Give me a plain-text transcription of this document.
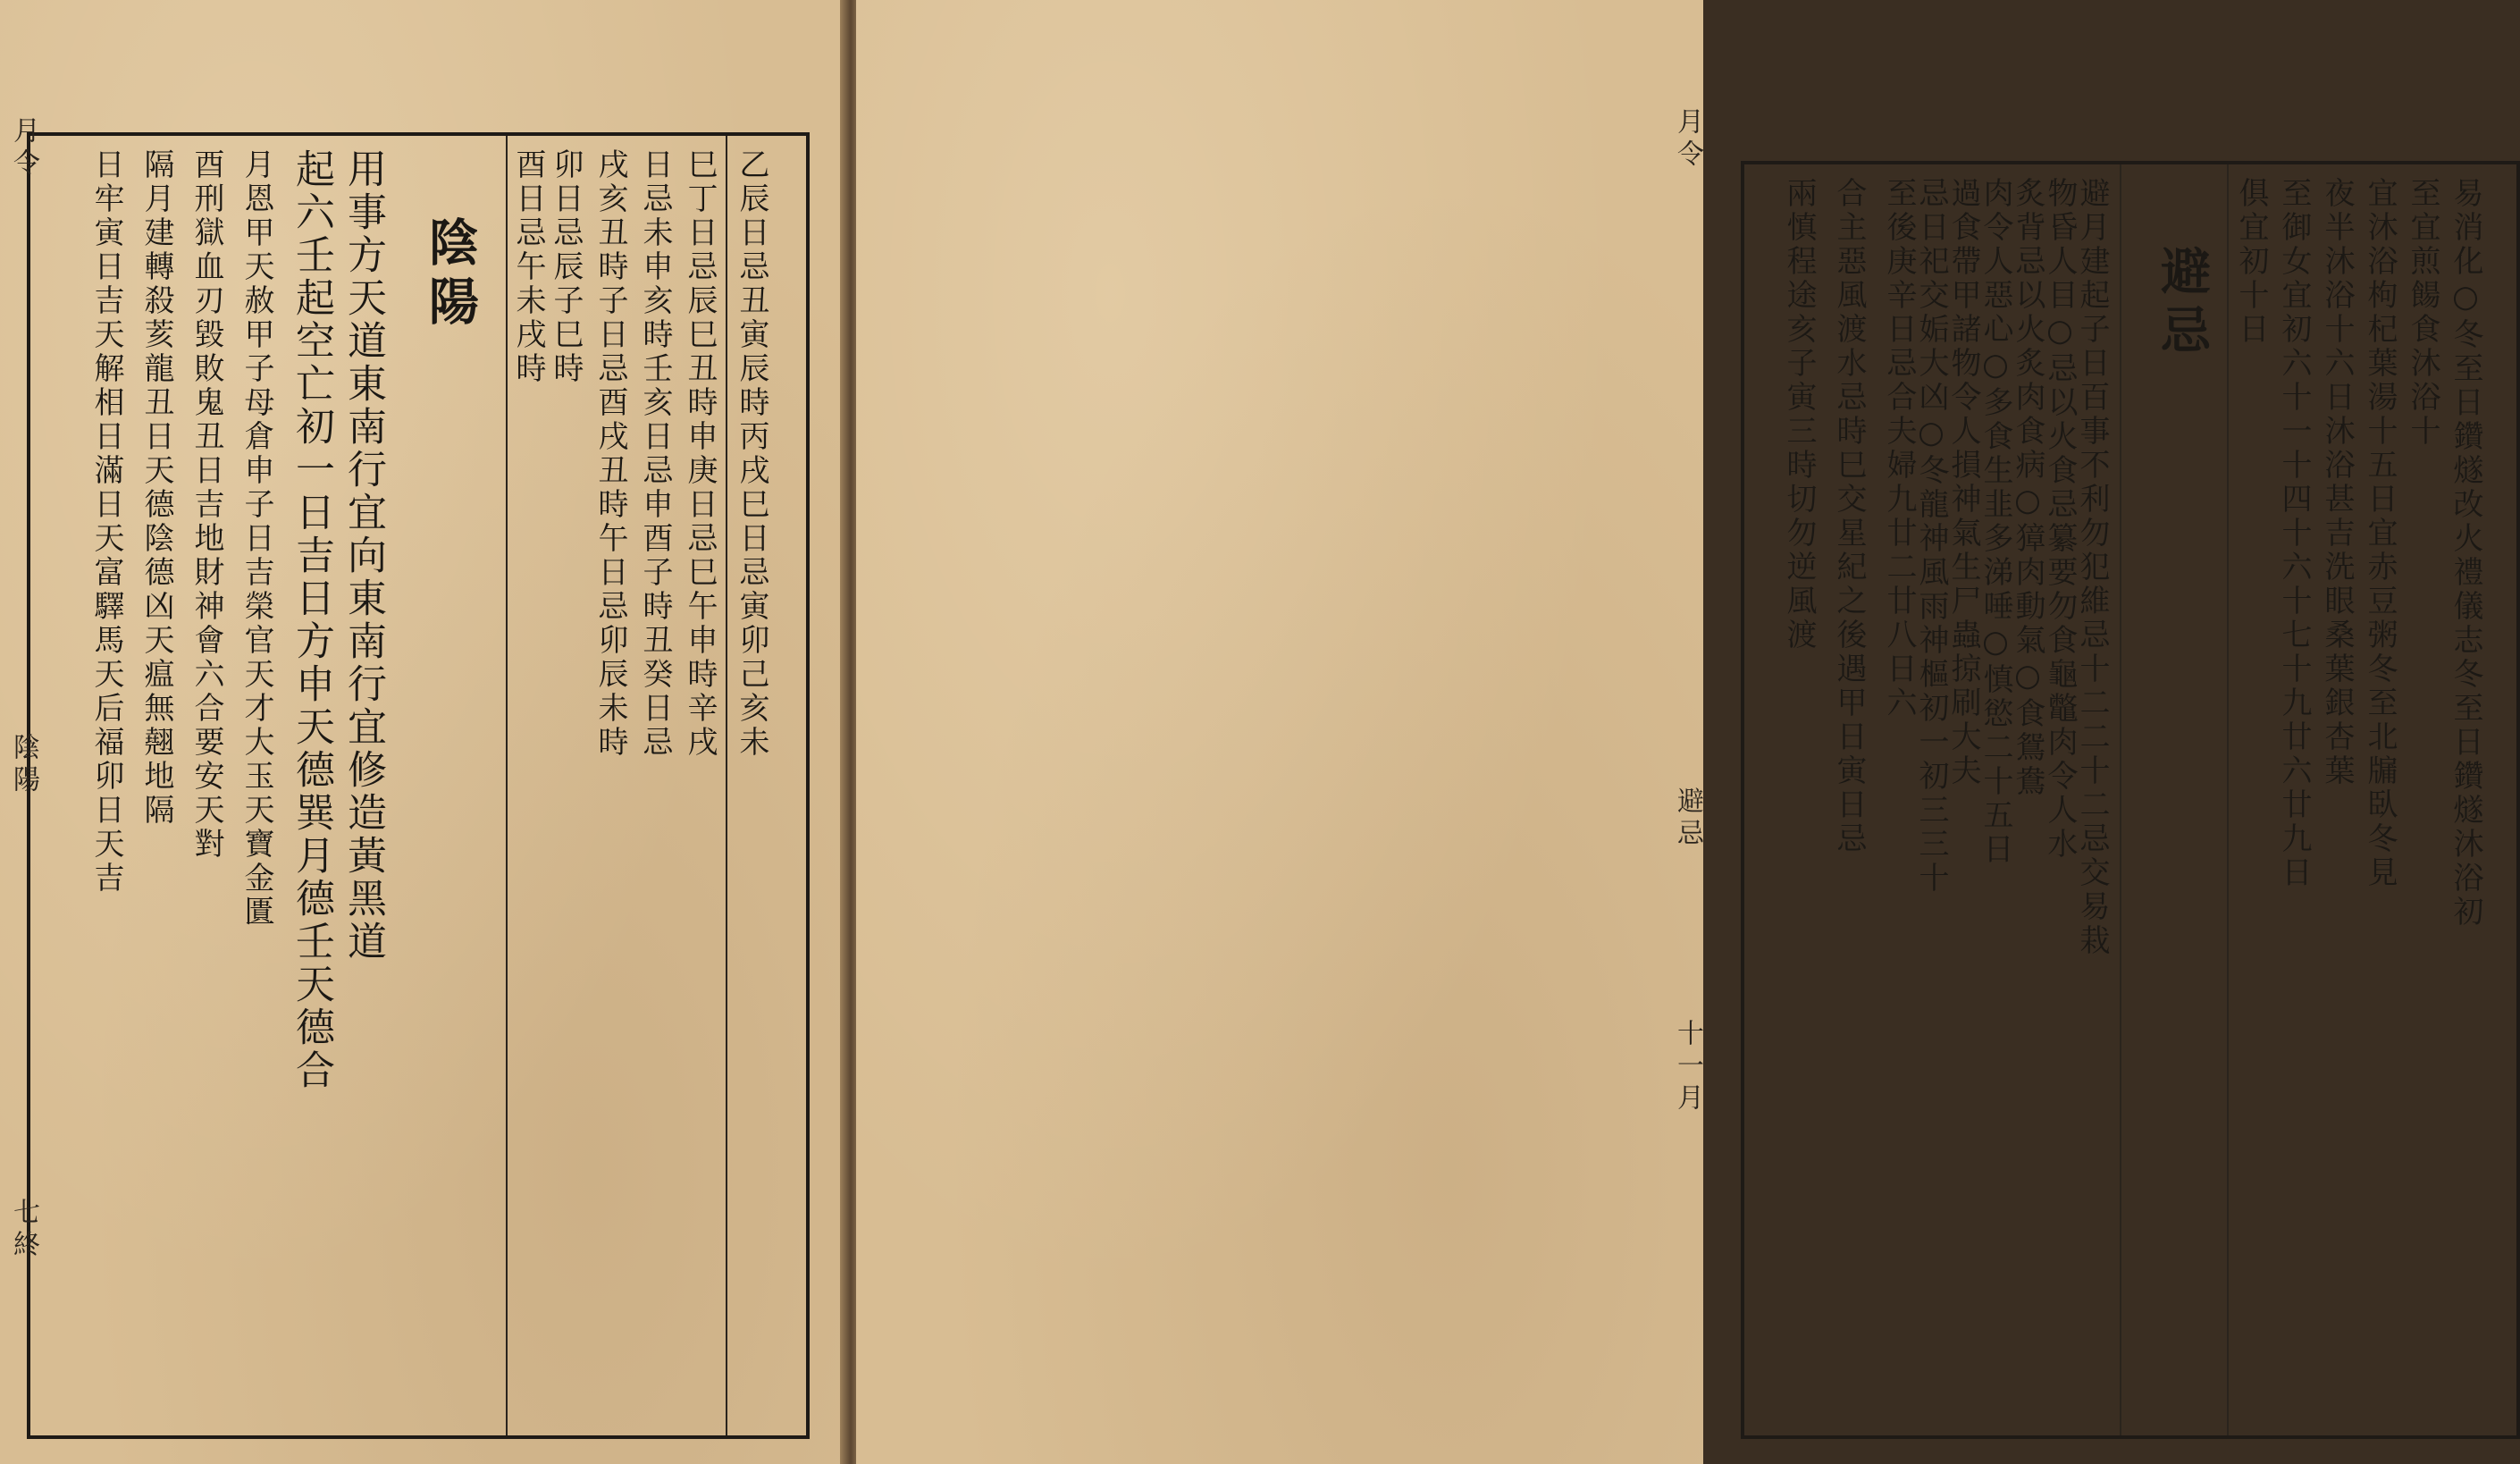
乙辰日忌丑寅辰時丙戌巳日忌寅卯己亥未
巳丁日忌辰巳丑時申庚日忌巳午申時辛戌
日忌未申亥時壬亥日忌申酉子時丑癸日忌
戌亥丑時子日忌酉戌丑時午日忌卯辰未時
卯日忌辰子巳時
酉日忌午未戌時
陰陽
用事方天道東南行宜向東南行宜修造黃黑道
起六壬起空亡初一日吉日方申天德巽月德壬天德合
月恩甲天赦甲子母倉申子日吉榮官天才大玉天寶金匱
酉刑獄血刃毀敗鬼丑日吉地財神會六合要安天對
隔月建轉殺荄龍丑日天德陰德凶天瘟無翹地隔
日牢寅日吉天解相日滿日天富驛馬天后福卯日天吉
月令
陰陽
七終
易消化○冬至日鑽燧改火禮儀志冬至日鑽燧沐浴初
至宜煎餳食沐浴十
宜沐浴枸杞葉湯十五日宜赤豆粥冬至北牖臥冬見
夜半沐浴十六日沐浴甚吉洗眼桑葉銀杏葉
至御女宜初六十一十四十六十七十九廿六廿九日
俱宜初十日
避忌
避月建起子日百事不利勿犯維忌十二二十二忌交易栽
物昏人目○忌以火食忌纂要勿食龜鼈肉令人水
炙背忌以火炙肉食病○獐肉動氣○食鴛鴦
肉令人惡心○多食生韭多涕唾○慎慾二十五日
過食帶甲諸物令人損神氣生尸蟲掠刷大夫
忌日祀交姤大凶○冬龍神風雨神樞初一初三三十
至後庚辛日忌合夫婦九廿二廿八日六
合主惡風渡水忌時巳交星紀之後遇甲日寅日忌
兩慎程途亥子寅三時切勿逆風渡
月令
避忌
十一月
